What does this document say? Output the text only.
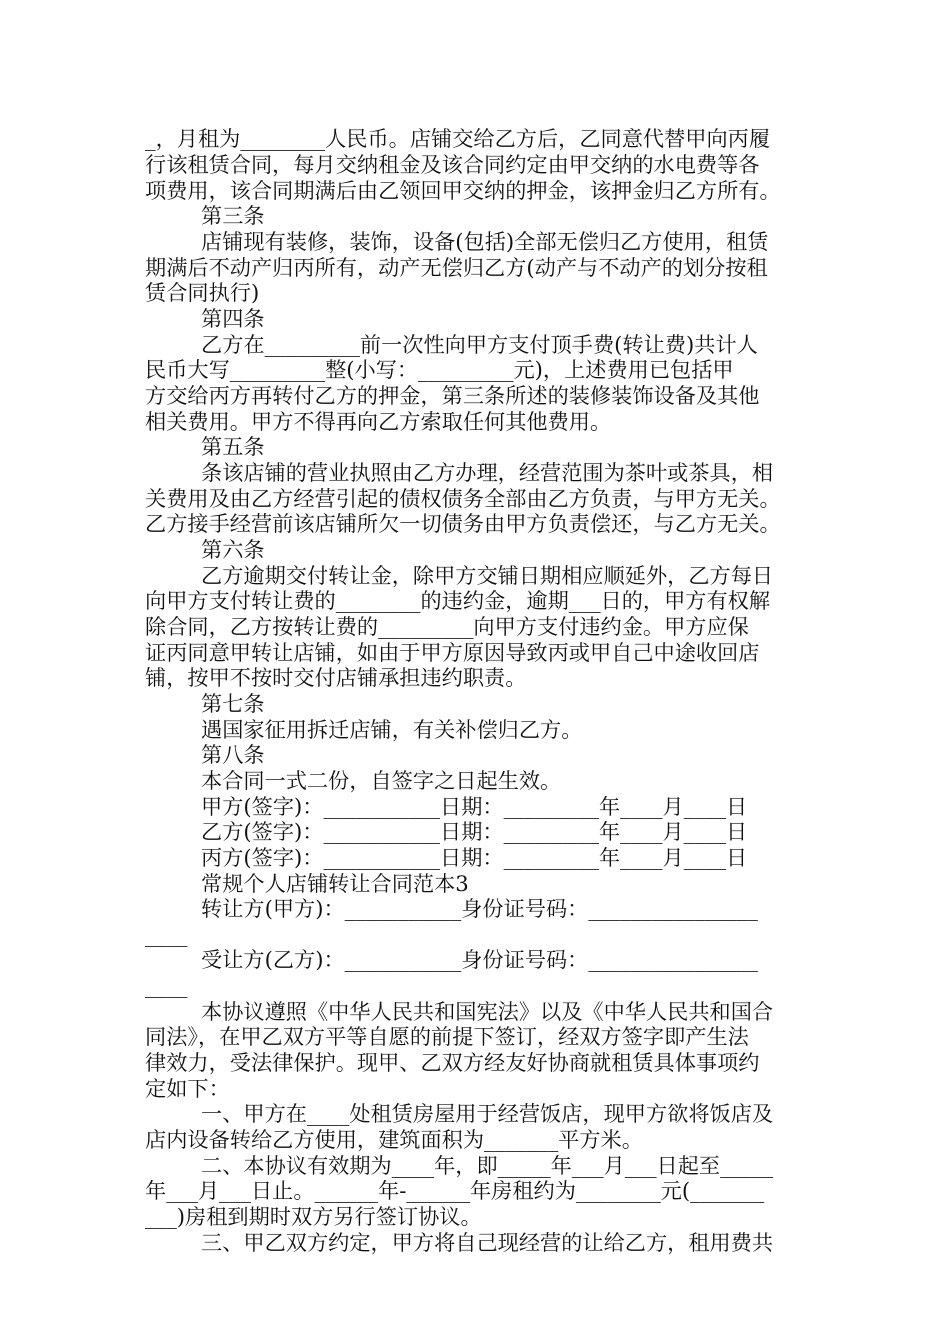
_，月租为________人民币。店铺交给乙方后，乙同意代替甲向丙履
行该租赁合同，每月交纳租金及该合同约定由甲交纳的水电费等各
项费用，该合同期满后由乙领回甲交纳的押金，该押金归乙方所有。
第三条
店铺现有装修，装饰，设备(包括)全部无偿归乙方使用，租赁
期满后不动产归丙所有，动产无偿归乙方(动产与不动产的划分按租
赁合同执行)
第四条
乙方在_________前一次性向甲方支付顶手费(转让费)共计人
民币大写_________整(小写：_________元)，上述费用已包括甲
方交给丙方再转付乙方的押金，第三条所述的装修装饰设备及其他
相关费用。甲方不得再向乙方索取任何其他费用。
第五条
条该店铺的营业执照由乙方办理，经营范围为茶叶或茶具，相
关费用及由乙方经营引起的债权债务全部由乙方负责，与甲方无关。
乙方接手经营前该店铺所欠一切债务由甲方负责偿还，与乙方无关。
第六条
乙方逾期交付转让金，除甲方交铺日期相应顺延外，乙方每日
向甲方支付转让费的________的违约金，逾期___日的，甲方有权解
除合同，乙方按转让费的_________向甲方支付违约金。甲方应保
证丙同意甲转让店铺，如由于甲方原因导致丙或甲自己中途收回店
铺，按甲不按时交付店铺承担违约职责。
第七条
遇国家征用拆迁店铺，有关补偿归乙方。
第八条
本合同一式二份，自签字之日起生效。
甲方(签字)：___________日期：_________年____月____日
乙方(签字)：___________日期：_________年____月____日
丙方(签字)：___________日期：_________年____月____日
常规个人店铺转让合同范本3
转让方(甲方)：___________身份证号码：________________
____
受让方(乙方)：___________身份证号码：________________
____
本协议遵照《中华人民共和国宪法》以及《中华人民共和国合
同法》，在甲乙双方平等自愿的前提下签订，经双方签字即产生法
律效力，受法律保护。现甲、乙双方经友好协商就租赁具体事项约
定如下：
一、甲方在____处租赁房屋用于经营饭店，现甲方欲将饭店及
店内设备转给乙方使用，建筑面积为_______平方米。
二、本协议有效期为____年，即_____年___月___日起至_____
年___月___日止。______年-______年房租约为________元(_______
___)房租到期时双方另行签订协议。
三、甲乙双方约定，甲方将自己现经营的让给乙方，租用费共
